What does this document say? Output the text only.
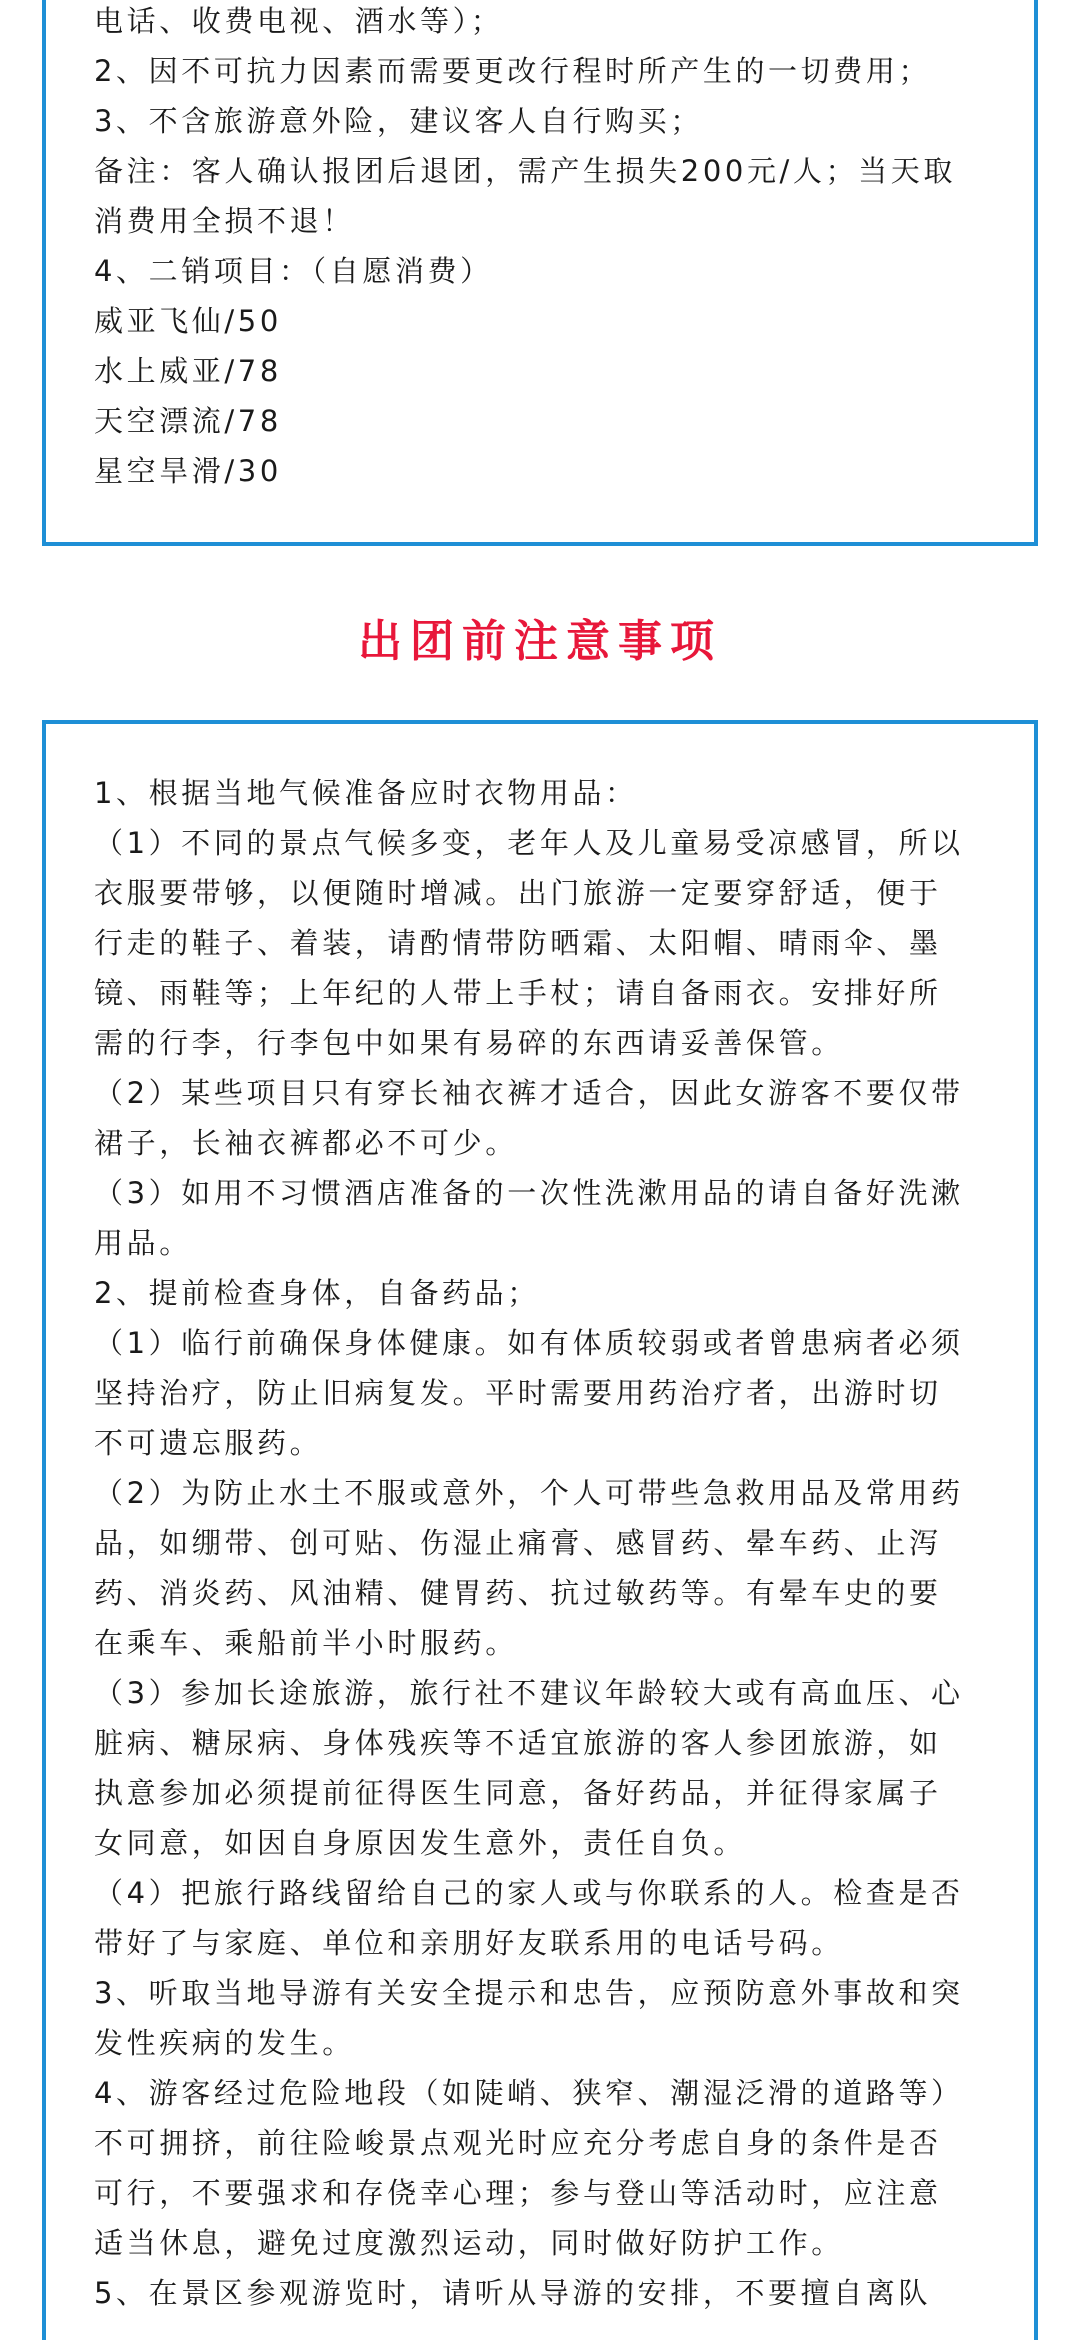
电话、收费电视、酒水等）；
2、因不可抗力因素而需要更改行程时所产生的一切费用；
3、不含旅游意外险，建议客人自行购买；
备注：客人确认报团后退团，需产生损失200元/人；当天取
消费用全损不退！
4、二销项目：（自愿消费）
威亚飞仙/50
水上威亚/78
天空漂流/78
星空旱滑/30
出团前注意事项
1、根据当地气候准备应时衣物用品：
（1）不同的景点气候多变，老年人及儿童易受凉感冒，所以
衣服要带够，以便随时增减。出门旅游一定要穿舒适，便于
行走的鞋子、着装，请酌情带防晒霜、太阳帽、晴雨伞、墨
镜、雨鞋等；上年纪的人带上手杖；请自备雨衣。安排好所
需的行李，行李包中如果有易碎的东西请妥善保管。
（2）某些项目只有穿长袖衣裤才适合，因此女游客不要仅带
裙子，长袖衣裤都必不可少。
（3）如用不习惯酒店准备的一次性洗漱用品的请自备好洗漱
用品。
2、提前检查身体，自备药品；
（1）临行前确保身体健康。如有体质较弱或者曾患病者必须
坚持治疗，防止旧病复发。平时需要用药治疗者，出游时切
不可遗忘服药。
（2）为防止水土不服或意外，个人可带些急救用品及常用药
品，如绷带、创可贴、伤湿止痛膏、感冒药、晕车药、止泻
药、消炎药、风油精、健胃药、抗过敏药等。有晕车史的要
在乘车、乘船前半小时服药。
（3）参加长途旅游，旅行社不建议年龄较大或有高血压、心
脏病、糖尿病、身体残疾等不适宜旅游的客人参团旅游，如
执意参加必须提前征得医生同意，备好药品，并征得家属子
女同意，如因自身原因发生意外，责任自负。
（4）把旅行路线留给自己的家人或与你联系的人。检查是否
带好了与家庭、单位和亲朋好友联系用的电话号码。
3、听取当地导游有关安全提示和忠告，应预防意外事故和突
发性疾病的发生。
4、游客经过危险地段（如陡峭、狭窄、潮湿泛滑的道路等）
不可拥挤，前往险峻景点观光时应充分考虑自身的条件是否
可行，不要强求和存侥幸心理；参与登山等活动时，应注意
适当休息，避免过度激烈运动，同时做好防护工作。
5、在景区参观游览时，请听从导游的安排，不要擅自离队
